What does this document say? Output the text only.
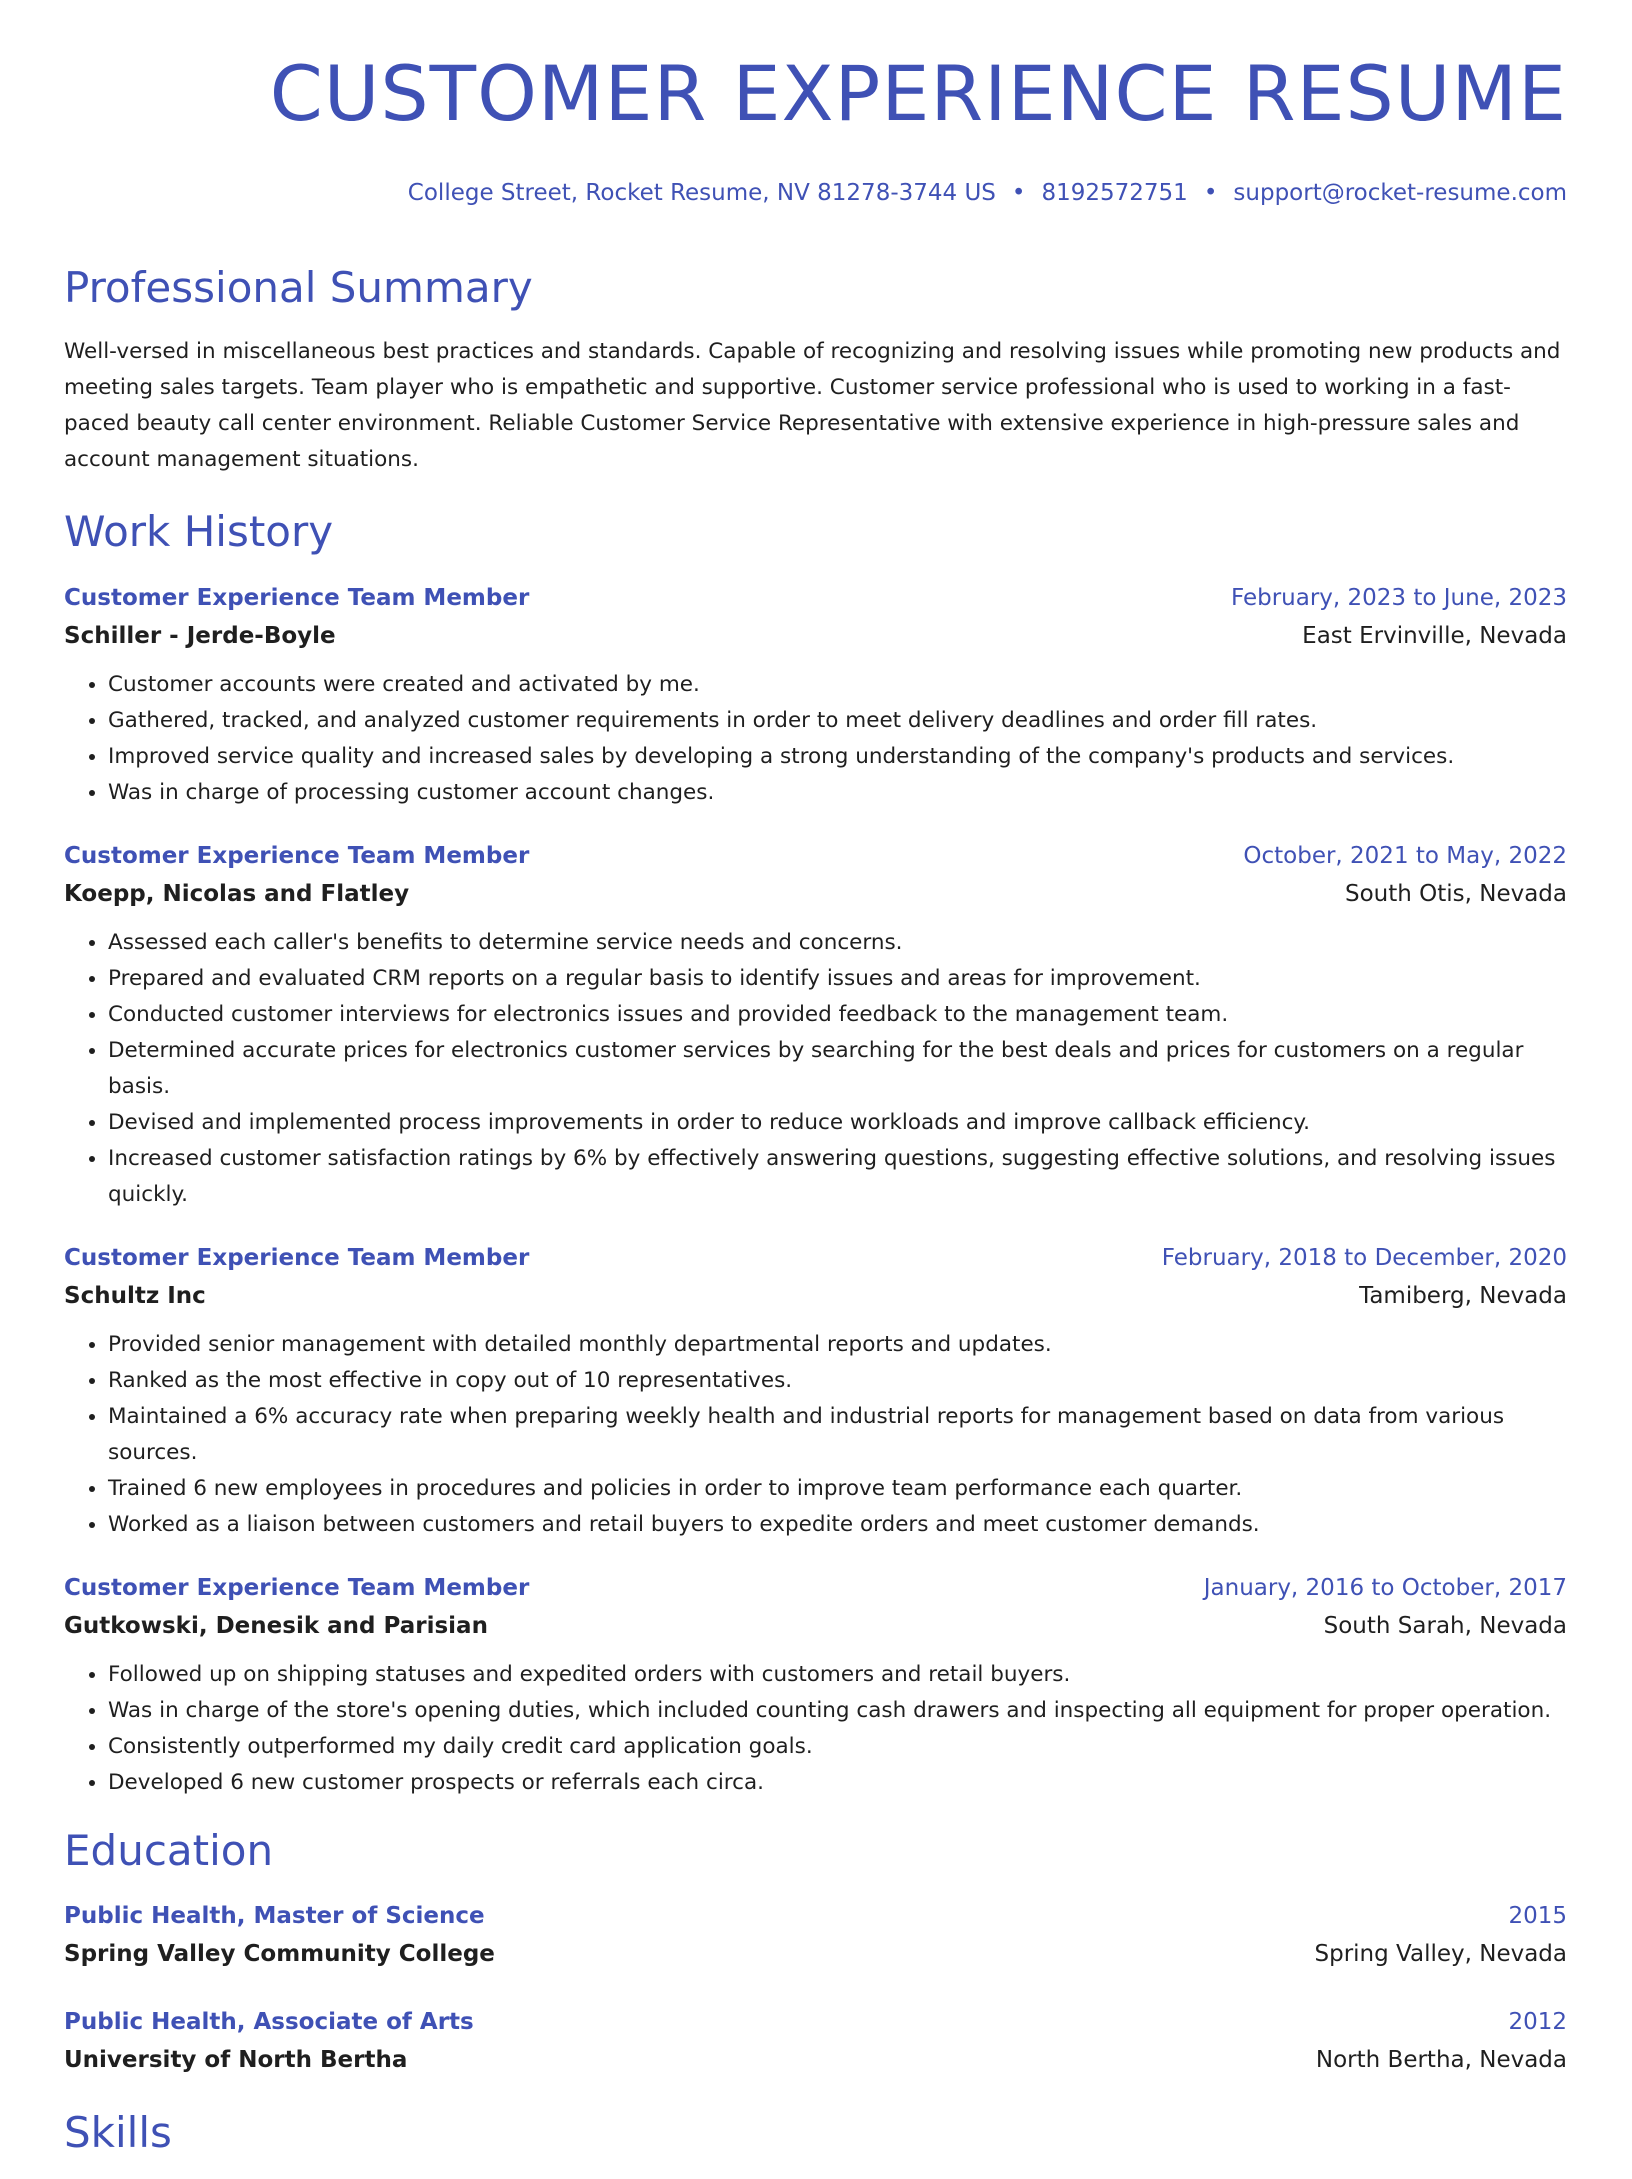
CUSTOMER EXPERIENCE RESUME
College Street, Rocket Resume, NV 81278-3744 US • 8192572751 • support@rocket-resume.com
Professional Summary

Well-versed in miscellaneous best practices and standards. Capable of recognizing and resolving issues while promoting new products and meeting sales targets. Team player who is empathetic and supportive. Customer service professional who is used to working in a fast-paced beauty call center environment. Reliable Customer Service Representative with extensive experience in high-pressure sales and account management situations.

Work History
Customer Experience Team Member	February, 2023 to June, 2023
Schiller - Jerde-Boyle	East Ervinville, Nevada
• Customer accounts were created and activated by me.
• Gathered, tracked, and analyzed customer requirements in order to meet delivery deadlines and order fill rates.
• Improved service quality and increased sales by developing a strong understanding of the company's products and services.
• Was in charge of processing customer account changes.
Customer Experience Team Member	October, 2021 to May, 2022
Koepp, Nicolas and Flatley	South Otis, Nevada
• Assessed each caller's benefits to determine service needs and concerns.
• Prepared and evaluated CRM reports on a regular basis to identify issues and areas for improvement.
• Conducted customer interviews for electronics issues and provided feedback to the management team.
• Determined accurate prices for electronics customer services by searching for the best deals and prices for customers on a regular basis.
• Devised and implemented process improvements in order to reduce workloads and improve callback efficiency.
• Increased customer satisfaction ratings by 6% by effectively answering questions, suggesting effective solutions, and resolving issues quickly.
Customer Experience Team Member	February, 2018 to December, 2020
Schultz Inc	Tamiberg, Nevada
• Provided senior management with detailed monthly departmental reports and updates.
• Ranked as the most effective in copy out of 10 representatives.
• Maintained a 6% accuracy rate when preparing weekly health and industrial reports for management based on data from various sources.
• Trained 6 new employees in procedures and policies in order to improve team performance each quarter.
• Worked as a liaison between customers and retail buyers to expedite orders and meet customer demands.
Customer Experience Team Member	January, 2016 to October, 2017
Gutkowski, Denesik and Parisian	South Sarah, Nevada
• Followed up on shipping statuses and expedited orders with customers and retail buyers.
• Was in charge of the store's opening duties, which included counting cash drawers and inspecting all equipment for proper operation.
• Consistently outperformed my daily credit card application goals.
• Developed 6 new customer prospects or referrals each circa.
Education
Public Health, Master of Science	2015
Spring Valley Community College	Spring Valley, Nevada
Public Health, Associate of Arts	2012
University of North Bertha	North Bertha, Nevada
Skills
